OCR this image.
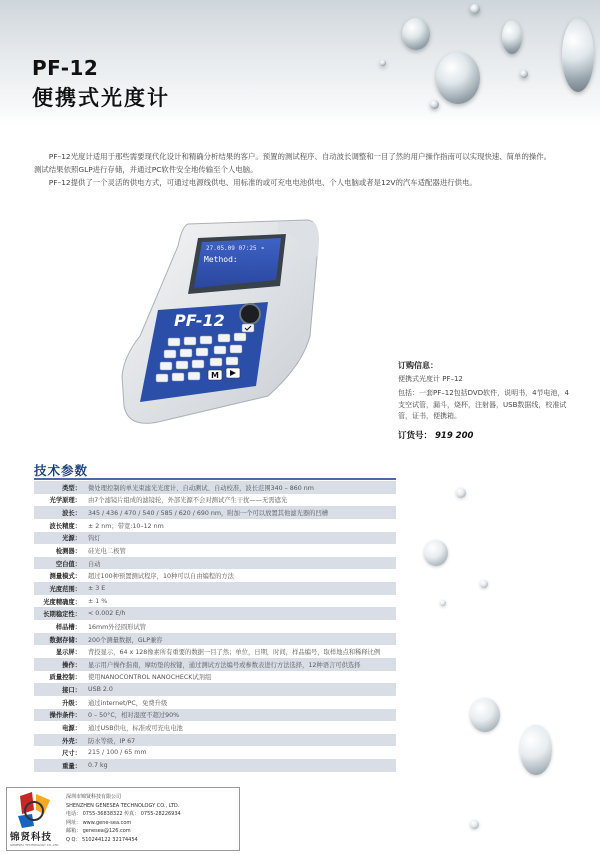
PF-12
便携式光度计

PF–12光度计适用于那些需要现代化设计和精确分析结果的客户。预置的测试程序、自动波长调整和一目了然的用户操作指南可以实现快速、简单的操作。测试结果依照GLP进行存储，并通过PC软件安全地传输至个人电脑。

PF–12提供了一个灵活的供电方式，可通过电源线供电、用标准的或可充电电池供电、个人电脑或者是12V的汽车适配器进行供电。

27.05.09 07:25 ⚬
Method:
PF-12
M
订购信息：
便携式光度计 PF–12
包括：一套PF–12包括DVD软件，说明书，4节电池，4支空试管，漏斗，烧杯，注射器，USB数据线，校准试管，证书，便携箱。
订货号： 919 200
技术参数
类型：	微处理控制的单光束滤光光度计、自动测试、自动校准，波长范围340 – 860 nm
光学原理：	由7个滤镜片组成的滤镜轮，外部光源不会对测试产生干扰——无需遮光
波长：	345 / 436 / 470 / 540 / 585 / 620 / 690 nm，附加一个可以放置其他滤光器的凹槽
波长精度：	± 2 nm；带宽:10–12 nm
光源：	钨灯
检测器：	硅光电二极管
空白值：	自动
测量模式：	超过100种预置测试程序，10种可以自由编程的方法
光度范围：	± 3 E
光度精确度：	± 1 %
长期稳定性：	< 0.002 E/h
样品槽：	16mm外径圆形试管
数据存储：	200个测量数据，GLP兼容
显示屏：	背投显示，64 x 128像素所有重要的数据一目了然；单位，日期，时间，样品编号，取样地点和稀释比例
操作：	显示用户操作指南，摩纺垫的按键，通过测试方法编号或参数表进行方法选择，12种语言可供选择
质量控制：	使用NANOCONTROL NANOCHECK试剂组
接口：	USB 2.0
升级：	通过internet/PC，免费升级
操作条件：	0 – 50°C，相对湿度不超过90%
电源：	通过USB供电，标准或可充电电池
外壳：	防水等级，IP 67
尺寸：	215 / 100 / 65 mm
重量：	0.7 kg
锦贤科技
GENESEA TECHNOLOGY CO.,LTD
深圳市锦贤科技有限公司
SHENZHEN GENESEA TECHNOLOGY CO., LTD.
电话： 0755-36838322 传真： 0755-28226934
网址： www.gene-sea.com
邮箱： genesea@126.com
Q Q： 510244122 32174454
